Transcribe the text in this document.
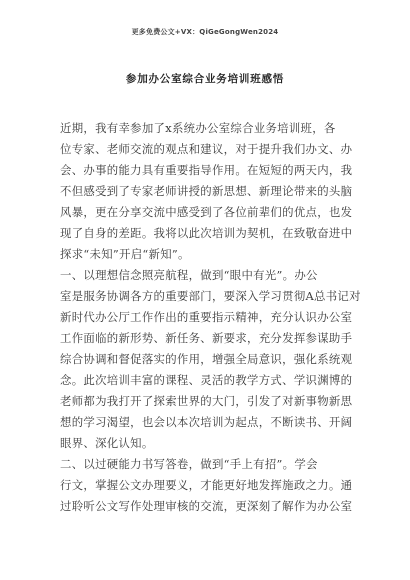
更多免费公文+VX：QiGeGongWen2024
参加办公室综合业务培训班感悟
近期，我有幸参加了x系统办公室综合业务培训班，各
位专家、老师交流的观点和建议，对于提升我们办文、办
会、办事的能力具有重要指导作用。在短短的两天内，我
不但感受到了专家老师讲授的新思想、新理论带来的头脑
风暴，更在分享交流中感受到了各位前辈们的优点，也发
现了自身的差距。我将以此次培训为契机，在致敬奋进中
探求“未知”开启“新知”。
一、以理想信念照亮航程，做到“眼中有光”。办公
室是服务协调各方的重要部门，要深入学习贯彻A总书记对
新时代办公厅工作作出的重要指示精神，充分认识办公室
工作面临的新形势、新任务、新要求，充分发挥参谋助手
综合协调和督促落实的作用，增强全局意识，强化系统观
念。此次培训丰富的课程、灵活的教学方式、学识渊博的
老师都为我打开了探索世界的大门，引发了对新事物新思
想的学习渴望，也会以本次培训为起点，不断读书、开阔
眼界、深化认知。
二、以过硬能力书写答卷，做到“手上有招”。学会
行文，掌握公文办理要义，才能更好地发挥施政之力。通
过聆听公文写作处理审核的交流，更深刻了解作为办公室
